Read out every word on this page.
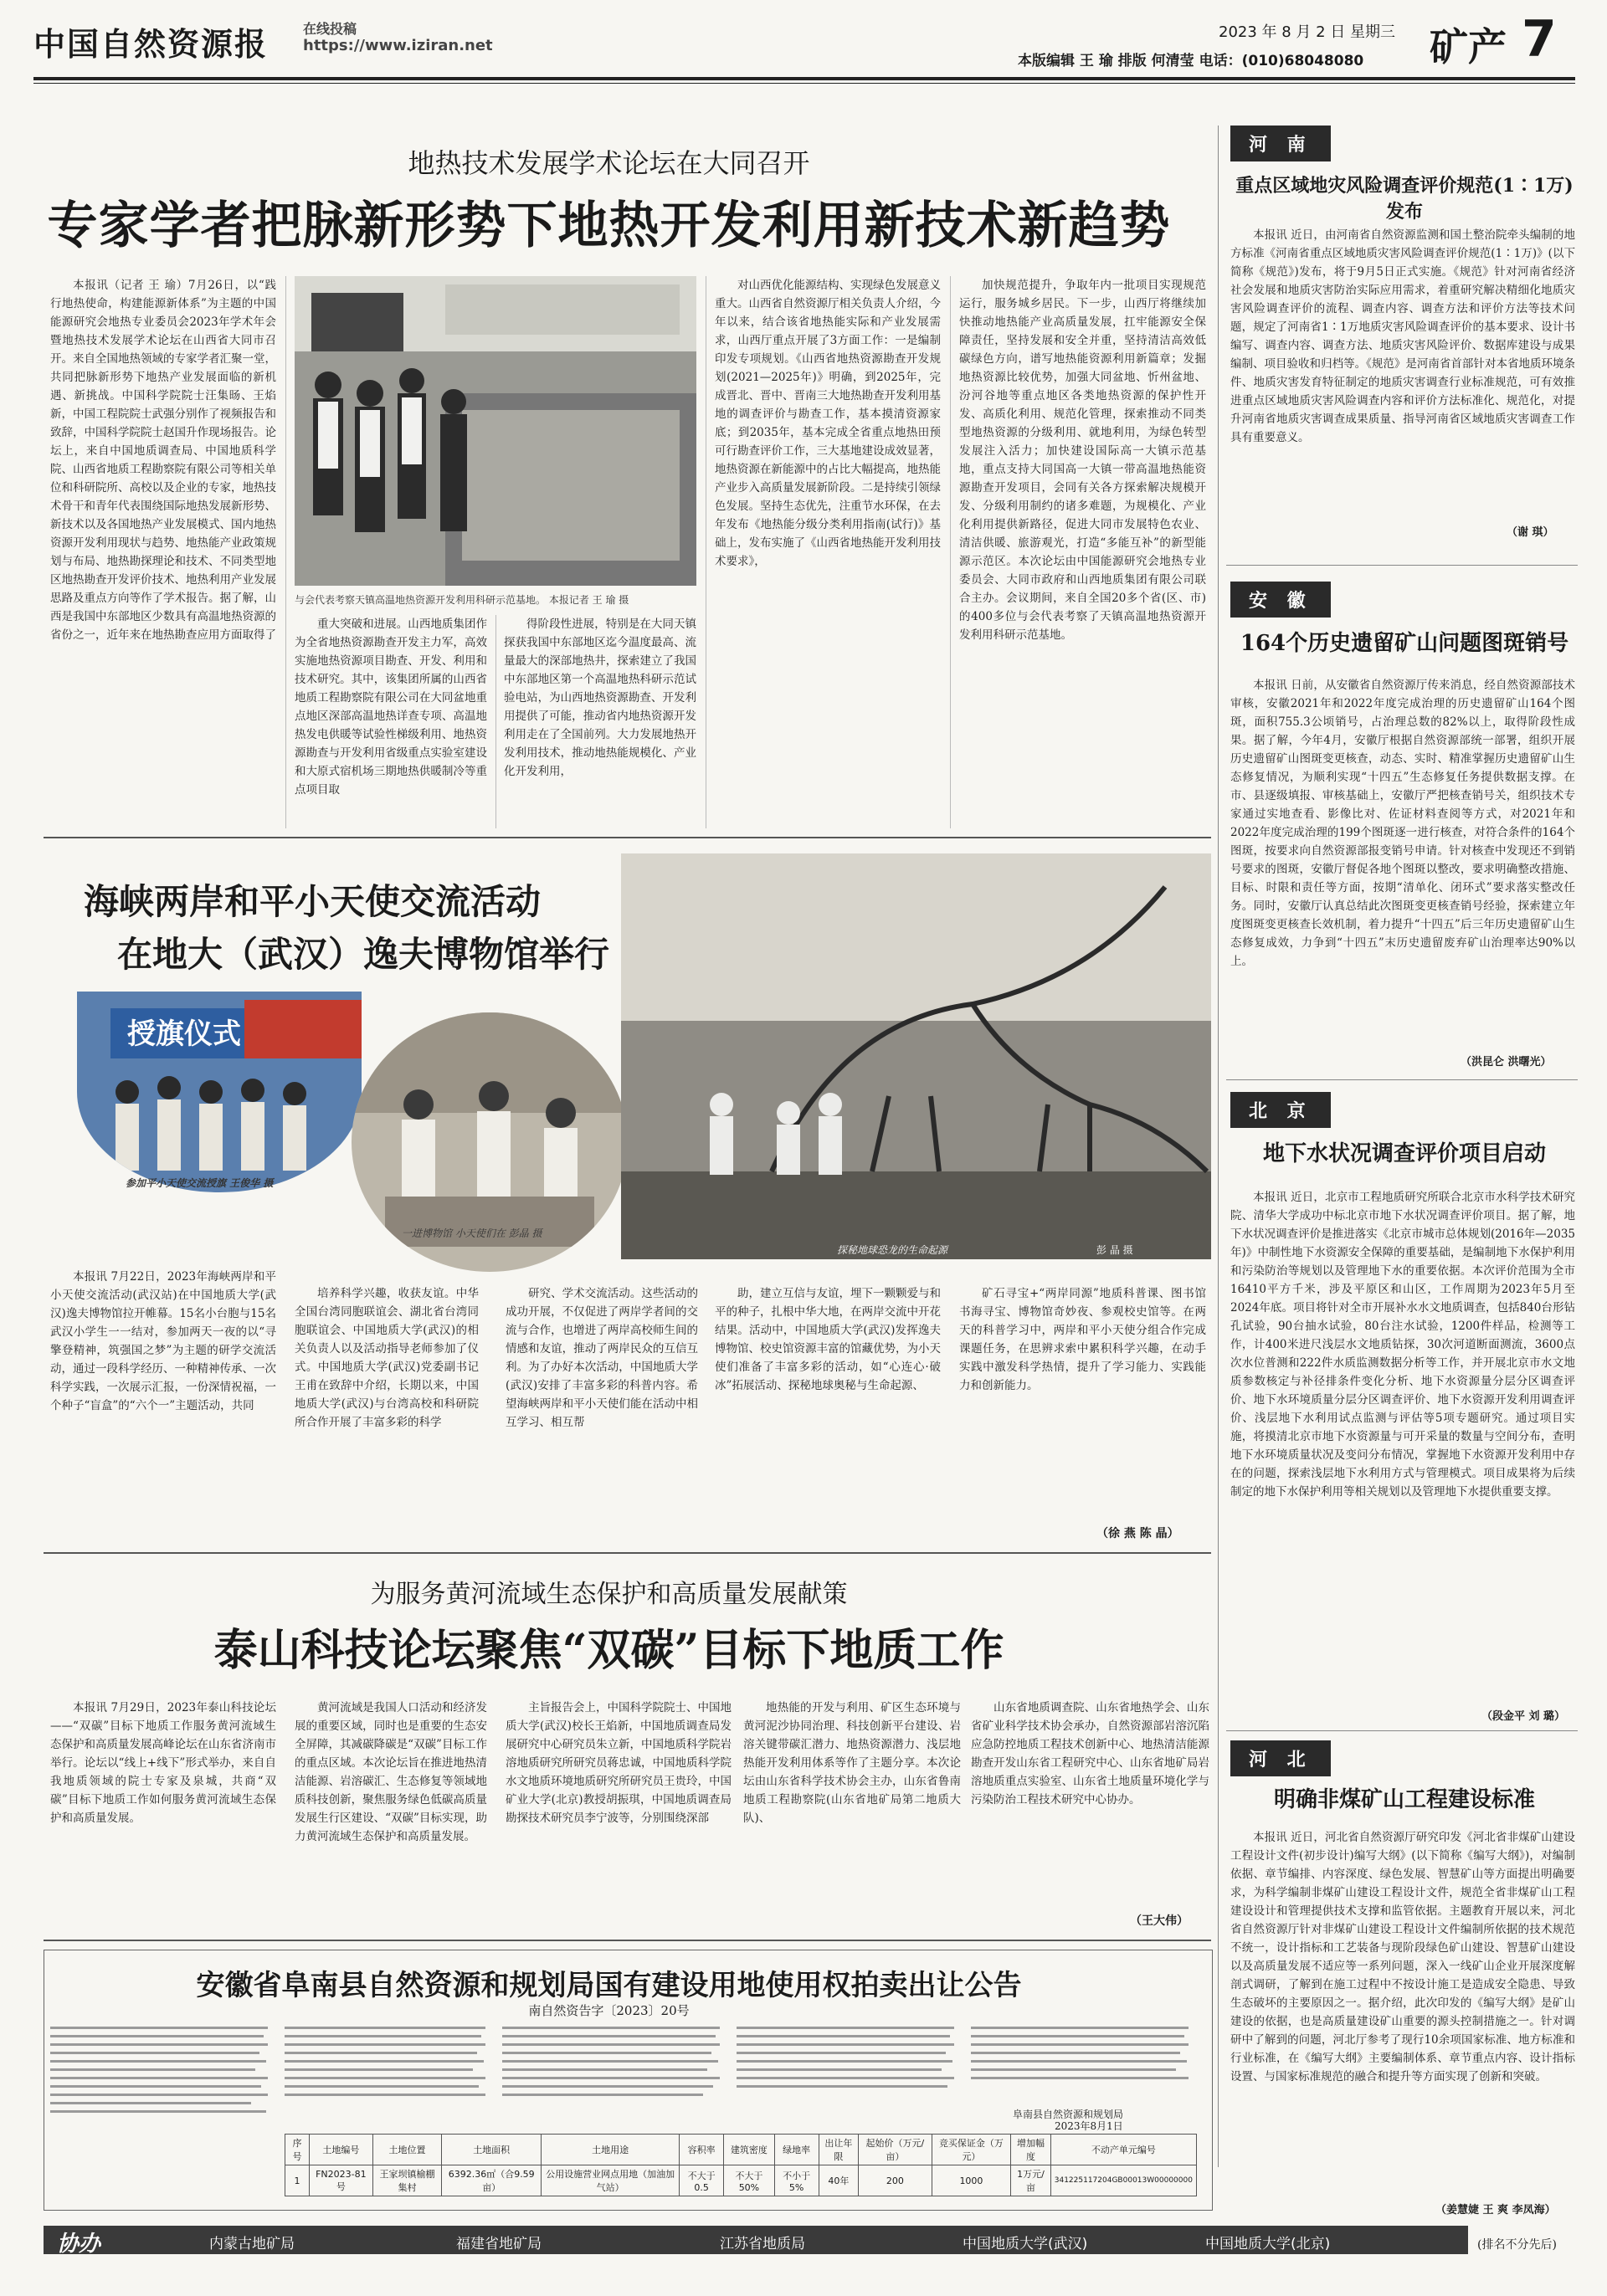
中国自然资源报	在线投稿
https://www.iziran.net
2023 年 8 月 2 日 星期三
本版编辑 王 瑜 排版 何清莹 电话：(010)68048080 矿产 7
地热技术发展学术论坛在大同召开
专家学者把脉新形势下地热开发利用新技术新趋势

本报讯（记者 王 瑜）7月26日，以“践行地热使命，构建能源新体系”为主题的中国能源研究会地热专业委员会2023年学术年会暨地热技术发展学术论坛在山西省大同市召开。来自全国地热领域的专家学者汇聚一堂，共同把脉新形势下地热产业发展面临的新机遇、新挑战。中国科学院院士汪集旸、王焰新，中国工程院院士武强分别作了视频报告和致辞，中国科学院院士赵国升作现场报告。论坛上，来自中国地质调查局、中国地质科学院、山西省地质工程勘察院有限公司等相关单位和科研院所、高校以及企业的专家，地热技术骨干和青年代表围绕国际地热发展新形势、新技术以及各国地热产业发展模式、国内地热资源开发利用现状与趋势、地热能产业政策规划与布局、地热勘探理论和技术、不同类型地区地热勘查开发评价技术、地热利用产业发展思路及重点方向等作了学术报告。据了解，山西是我国中东部地区少数具有高温地热资源的省份之一，近年来在地热勘查应用方面取得了

与会代表考察天镇高温地热资源开发利用科研示范基地。 本报记者 王 瑜 摄

重大突破和进展。山西地质集团作为全省地热资源勘查开发主力军，高效实施地热资源项目勘查、开发、利用和技术研究。其中，该集团所属的山西省地质工程勘察院有限公司在大同盆地重点地区深部高温地热详查专项、高温地热发电供暖等试验性梯级利用、地热资源勘查与开发利用省级重点实验室建设和大原式宿机场三期地热供暖制冷等重点项目取

得阶段性进展，特别是在大同天镇探获我国中东部地区迄今温度最高、流量最大的深部地热井，探索建立了我国中东部地区第一个高温地热科研示范试验电站，为山西地热资源勘查、开发利用提供了可能，推动省内地热资源开发利用走在了全国前列。大力发展地热开发利用技术，推动地热能规模化、产业化开发利用，

对山西优化能源结构、实现绿色发展意义重大。山西省自然资源厅相关负责人介绍，今年以来，结合该省地热能实际和产业发展需求，山西厅重点开展了3方面工作：一是编制印发专项规划。《山西省地热资源勘查开发规划(2021—2025年)》明确，到2025年，完成晋北、晋中、晋南三大地热勘查开发利用基地的调查评价与勘查工作，基本摸清资源家底；到2035年，基本完成全省重点地热田预可行勘查评价工作，三大基地建设成效显著，地热资源在新能源中的占比大幅提高，地热能产业步入高质量发展新阶段。二是持续引领绿色发展。坚持生态优先，注重节水环保，在去年发布《地热能分级分类利用指南(试行)》基础上，发布实施了《山西省地热能开发利用技术要求》，

加快规范提升，争取年内一批项目实现规范运行，服务城乡居民。下一步，山西厅将继续加快推动地热能产业高质量发展，扛牢能源安全保障责任，坚持发展和安全并重，坚持清洁高效低碳绿色方向，谱写地热能资源利用新篇章；发掘地热资源比较优势，加强大同盆地、忻州盆地、汾河谷地等重点地区各类地热资源的保护性开发、高质化利用、规范化管理，探索推动不同类型地热资源的分级利用、就地利用，为绿色转型发展注入活力；加快建设国际高一大镇示范基地，重点支持大同国高一大镇一带高温地热能资源勘查开发项目，会同有关各方探索解决规模开发、分级利用制约的诸多难题，为规模化、产业化利用提供新路径，促进大同市发展特色农业、清洁供暖、旅游观光，打造“多能互补”的新型能源示范区。本次论坛由中国能源研究会地热专业委员会、大同市政府和山西地质集团有限公司联合主办。会议期间，来自全国20多个省(区、市)的400多位与会代表考察了天镇高温地热资源开发利用科研示范基地。

海峡两岸和平小天使交流活动
在地大（武汉）逸夫博物馆举行
授旗仪式
参加平小天使交流授旗 王俊华 摄
一进博物馆 小天使们在 彭晶 摄
探秘地球恐龙的生命起源	彭 晶 摄

本报讯 7月22日，2023年海峡两岸和平小天使交流活动(武汉站)在中国地质大学(武汉)逸夫博物馆拉开帷幕。15名小台胞与15名武汉小学生一一结对，参加两天一夜的以“寻擎登精神，筑强国之梦”为主题的研学交流活动，通过一段科学经历、一种精神传承、一次科学实践，一次展示汇报，一份深情祝福，一个种子“盲盒”的“六个一”主题活动，共同

培养科学兴趣，收获友谊。中华全国台湾同胞联谊会、湖北省台湾同胞联谊会、中国地质大学(武汉)的相关负责人以及活动指导老师参加了仪式。中国地质大学(武汉)党委副书记王甫在致辞中介绍，长期以来，中国地质大学(武汉)与台湾高校和科研院所合作开展了丰富多彩的科学

研究、学术交流活动。这些活动的成功开展，不仅促进了两岸学者间的交流与合作，也增进了两岸高校师生间的情感和友谊，推动了两岸民众的互信互利。为了办好本次活动，中国地质大学(武汉)安排了丰富多彩的科普内容。希望海峡两岸和平小天使们能在活动中相互学习、相互帮

助，建立互信与友谊，埋下一颗颗爱与和平的种子，扎根中华大地，在两岸交流中开花结果。活动中，中国地质大学(武汉)发挥逸夫博物馆、校史馆资源丰富的馆藏优势，为小天使们准备了丰富多彩的活动，如“心连心·破冰”拓展活动、探秘地球奥秘与生命起源、

矿石寻宝+“两岸同源”地质科普课、图书馆书海寻宝、博物馆奇妙夜、参观校史馆等。在两天的科普学习中，两岸和平小天使分组合作完成课题任务，在思辨求索中累积科学兴趣，在动手实践中激发科学热情，提升了学习能力、实践能力和创新能力。

（徐 燕 陈 晶）
为服务黄河流域生态保护和高质量发展献策
泰山科技论坛聚焦“双碳”目标下地质工作

本报讯 7月29日，2023年泰山科技论坛——“双碳”目标下地质工作服务黄河流域生态保护和高质量发展高峰论坛在山东省济南市举行。论坛以“线上+线下”形式举办，来自自我地质领域的院士专家及泉城，共商“双碳”目标下地质工作如何服务黄河流域生态保护和高质量发展。

黄河流域是我国人口活动和经济发展的重要区域，同时也是重要的生态安全屏障，其减碳降碳是“双碳”目标工作的重点区域。本次论坛旨在推进地热清洁能源、岩溶碳汇、生态修复等领域地质科技创新，聚焦服务绿色低碳高质量发展生行区建设、“双碳”目标实现，助力黄河流域生态保护和高质量发展。

主旨报告会上，中国科学院院士、中国地质大学(武汉)校长王焰新，中国地质调查局发展研究中心研究员朱立新，中国地质科学院岩溶地质研究所研究员蒋忠诚，中国地质科学院水文地质环境地质研究所研究员王贵玲，中国矿业大学(北京)教授胡振琪，中国地质调查局勘探技术研究员李宁波等，分别围绕深部

地热能的开发与利用、矿区生态环境与黄河泥沙协同治理、科技创新平台建设、岩溶关键带碳汇潜力、地热资源潜力、浅层地热能开发利用体系等作了主题分享。本次论坛由山东省科学技术协会主办，山东省鲁南地质工程勘察院(山东省地矿局第二地质大队)、

山东省地质调查院、山东省地热学会、山东省矿业科学技术协会承办，自然资源部岩溶沉陷应急防控地质工程技术创新中心、地热清洁能源勘查开发山东省工程研究中心、山东省地矿局岩溶地质重点实验室、山东省土地质量环境化学与污染防治工程技术研究中心协办。

（王大伟）
安徽省阜南县自然资源和规划局国有建设用地使用权拍卖出让公告
南自然资告字〔2023〕20号
阜南县自然资源和规划局
2023年8月1日
序号	土地编号	土地位置	土地面积	土地用途	容积率	建筑密度	绿地率	出让年限	起始价（万元/亩）	竞买保证金（万元）	增加幅度	不动产单元编号
1	FN2023-81号	王家坝镇榆棚集村	6392.36㎡（合9.59亩）	公用设施营业网点用地（加油加气站）	不大于0.5	不大于50%	不小于5%	40年	200	1000	1万元/亩	341225117204GB00013W00000000
河 南
重点区域地灾风险调查评价规范(1∶1万)发布

本报讯 近日，由河南省自然资源监测和国土整治院牵头编制的地方标准《河南省重点区域地质灾害风险调查评价规范(1∶1万)》(以下简称《规范》)发布，将于9月5日正式实施。《规范》针对河南省经济社会发展和地质灾害防治实际应用需求，着重研究解决精细化地质灾害风险调查评价的流程、调查内容、调查方法和评价方法等技术问题，规定了河南省1∶1万地质灾害风险调查评价的基本要求、设计书编写、调查内容、调查方法、地质灾害风险评价、数据库建设与成果编制、项目验收和归档等。《规范》是河南省首部针对本省地质环境条件、地质灾害发育特征制定的地质灾害调查行业标准规范，可有效推进重点区域地质灾害风险调查内容和评价方法标准化、规范化，对提升河南省地质灾害调查成果质量、指导河南省区域地质灾害调查工作具有重要意义。

（谢 琪）
安 徽
164个历史遗留矿山问题图斑销号

本报讯 日前，从安徽省自然资源厅传来消息，经自然资源部技术审核，安徽2021年和2022年度完成治理的历史遗留矿山164个图斑，面积755.3公顷销号，占治理总数的82%以上，取得阶段性成果。据了解，今年4月，安徽厅根据自然资源部统一部署，组织开展历史遗留矿山图斑变更核查，动态、实时、精准掌握历史遗留矿山生态修复情况，为顺利实现“十四五”生态修复任务提供数据支撑。在市、县逐级填报、审核基础上，安徽厅严把核查销号关，组织技术专家通过实地查看、影像比对、佐证材料查阅等方式，对2021年和2022年度完成治理的199个图斑逐一进行核查，对符合条件的164个图斑，按要求向自然资源部报变销号申请。针对核查中发现还不到销号要求的图斑，安徽厅督促各地个图斑以整改，要求明确整改措施、目标、时限和责任等方面，按期“清单化、闭环式”要求落实整改任务。同时，安徽厅认真总结此次图斑变更核查销号经验，探索建立年度图斑变更核查长效机制，着力提升“十四五”后三年历史遗留矿山生态修复成效，力争到“十四五”末历史遗留废弃矿山治理率达90%以上。

（洪昆仑 洪曙光）
北 京
地下水状况调查评价项目启动

本报讯 近日，北京市工程地质研究所联合北京市水科学技术研究院、清华大学成功中标北京市地下水状况调查评价项目。据了解，地下水状况调查评价是推进落实《北京市城市总体规划(2016年—2035年)》中制性地下水资源安全保障的重要基础，是编制地下水保护利用和污染防治等规划以及管理地下水的重要依据。本次评价范围为全市16410平方千米，涉及平原区和山区，工作周期为2023年5月至2024年底。项目将针对全市开展补水水文地质调查，包括840台形钻孔试验，90台抽水试验，80台注水试验，1200件样品，检测等工作，计400米进尺浅层水文地质钻探，30次河道断面测流，3600点次水位普测和222件水质监测数据分析等工作，并开展北京市水文地质参数核定与补径排条件变化分析、地下水资源量分层分区调查评价、地下水环境质量分层分区调查评价、地下水资源开发利用调查评价、浅层地下水利用试点监测与评估等5项专题研究。通过项目实施，将摸清北京市地下水资源量与可开采量的数量与空间分布，查明地下水环境质量状况及变问分布情况，掌握地下水资源开发利用中存在的问题，探索浅层地下水利用方式与管理模式。项目成果将为后续制定的地下水保护利用等相关规划以及管理地下水提供重要支撑。

（段金平 刘 璐）
河 北
明确非煤矿山工程建设标准

本报讯 近日，河北省自然资源厅研究印发《河北省非煤矿山建设工程设计文件(初步设计)编写大纲》(以下简称《编写大纲》)，对编制依据、章节编排、内容深度、绿色发展、智慧矿山等方面提出明确要求，为科学编制非煤矿山建设工程设计文件，规范全省非煤矿山工程建设设计和管理提供技术支撑和监管依据。主题教育开展以来，河北省自然资源厅针对非煤矿山建设工程设计文件编制所依据的技术规范不统一，设计指标和工艺装备与现阶段绿色矿山建设、智慧矿山建设以及高质量发展不适应等一系列问题，深入一线矿山企业开展深度解剖式调研，了解到在施工过程中不按设计施工是造成安全隐患、导致生态破坏的主要原因之一。据介绍，此次印发的《编写大纲》是矿山建设的依据，也是高质量建设矿山重要的源头控制措施之一。针对调研中了解到的问题，河北厅参考了现行10余项国家标准、地方标准和行业标准，在《编写大纲》主要编制体系、章节重点内容、设计指标设置、与国家标准规范的融合和提升等方面实现了创新和突破。

（姜慧婕 王 爽 李凤海）
协办	内蒙古地矿局	福建省地矿局	江苏省地质局	中国地质大学(武汉)	中国地质大学(北京)	(排名不分先后)
